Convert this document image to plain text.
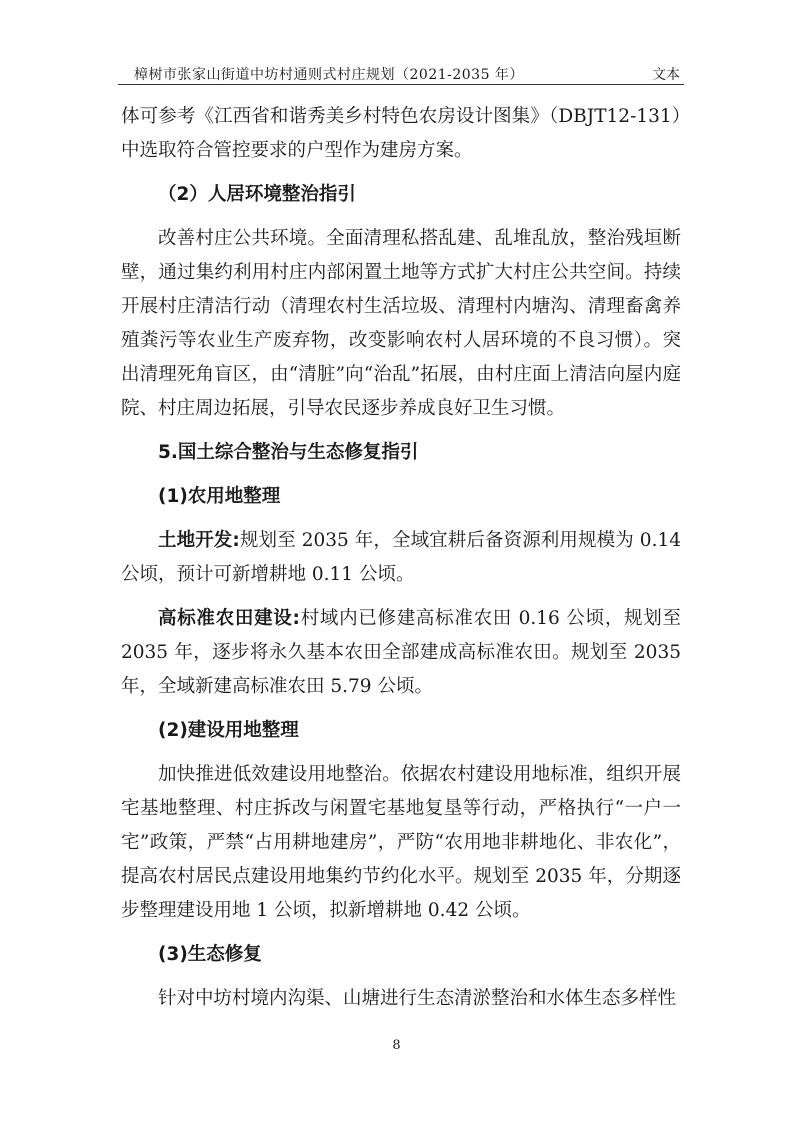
樟树市张家山街道中坊村通则式村庄规划（2021-2035 年）	文本

体可参考《江西省和谐秀美乡村特色农房设计图集》（DBJT12-131）中选取符合管控要求的户型作为建房方案。

（2）人居环境整治指引

改善村庄公共环境。全面清理私搭乱建、乱堆乱放，整治残垣断壁，通过集约利用村庄内部闲置土地等方式扩大村庄公共空间。持续开展村庄清洁行动（清理农村生活垃圾、清理村内塘沟、清理畜禽养殖粪污等农业生产废弃物，改变影响农村人居环境的不良习惯）。突出清理死角盲区，由“清脏”向“治乱”拓展，由村庄面上清洁向屋内庭院、村庄周边拓展，引导农民逐步养成良好卫生习惯。

5.国土综合整治与生态修复指引

(1)农用地整理

土地开发:规划至 2035 年，全域宜耕后备资源利用规模为 0.14 公顷，预计可新增耕地 0.11 公顷。

高标准农田建设:村域内已修建高标准农田 0.16 公顷，规划至 2035 年，逐步将永久基本农田全部建成高标准农田。规划至 2035 年，全域新建高标准农田 5.79 公顷。

(2)建设用地整理

加快推进低效建设用地整治。依据农村建设用地标准，组织开展宅基地整理、村庄拆改与闲置宅基地复垦等行动，严格执行“一户一宅”政策，严禁“占用耕地建房”，严防“农用地非耕地化、非农化”，提高农村居民点建设用地集约节约化水平。规划至 2035 年，分期逐步整理建设用地 1 公顷，拟新增耕地 0.42 公顷。

(3)生态修复

针对中坊村境内沟渠、山塘进行生态清淤整治和水体生态多样性

8
